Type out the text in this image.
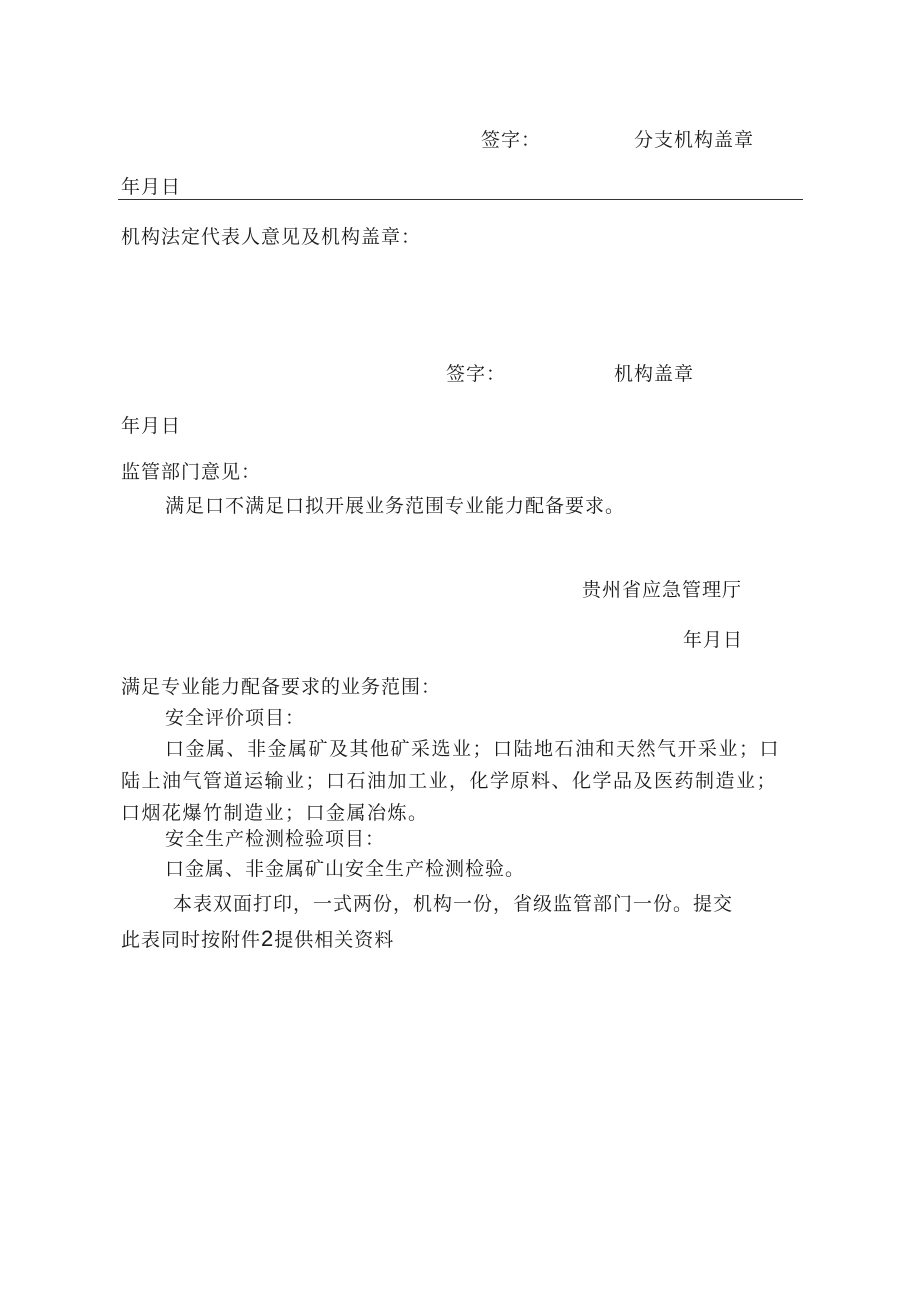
签字：	分支机构盖章
年月日
机构法定代表人意见及机构盖章：
签字：	机构盖章
年月日
监管部门意见：
满足口不满足口拟开展业务范围专业能力配备要求。
贵州省应急管理厅
年月日
满足专业能力配备要求的业务范围：
安全评价项目：
口金属、非金属矿及其他矿采选业；口陆地石油和天然气开采业；口陆上油气管道运输业；口石油加工业，化学原料、化学品及医药制造业；口烟花爆竹制造业；口金属冶炼。
安全生产检测检验项目：
口金属、非金属矿山安全生产检测检验。
本表双面打印，一式两份，机构一份，省级监管部门一份。提交
此表同时按附件2提供相关资料
